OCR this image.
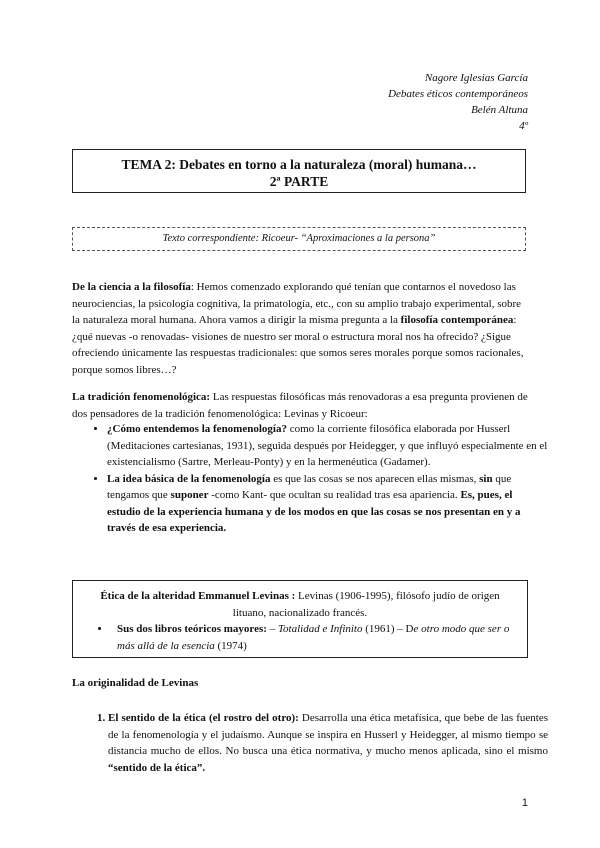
Nagore Iglesias García
Debates éticos contemporáneos
Belén Altuna
4º
TEMA 2: Debates en torno a la naturaleza (moral) humana…
2ª PARTE
Texto correspondiente: Ricoeur- “Aproximaciones a la persona”

De la ciencia a la filosofía: Hemos comenzado explorando qué tenían que contarnos el novedoso las neurociencias, la psicología cognitiva, la primatología, etc., con su amplio trabajo experimental, sobre la naturaleza moral humana. Ahora vamos a dirigir la misma pregunta a la filosofía contemporánea: ¿qué nuevas -o renovadas- visiones de nuestro ser moral o estructura moral nos ha ofrecido? ¿Sigue ofreciendo únicamente las respuestas tradicionales: que somos seres morales porque somos racionales, porque somos libres…?

La tradición fenomenológica: Las respuestas filosóficas más renovadoras a esa pregunta provienen de dos pensadores de la tradición fenomenológica: Levinas y Ricoeur:

• ¿Cómo entendemos la fenomenología? como la corriente filosófica elaborada por Husserl (Meditaciones cartesianas, 1931), seguida después por Heidegger, y que influyó especialmente en el existencialismo (Sartre, Merleau-Ponty) y en la hermenéutica (Gadamer).
• La idea básica de la fenomenología es que las cosas se nos aparecen ellas mismas, sin que tengamos que suponer -como Kant- que ocultan su realidad tras esa apariencia. Es, pues, el estudio de la experiencia humana y de los modos en que las cosas se nos presentan en y a través de esa experiencia.
Ética de la alteridad Emmanuel Levinas : Levinas (1906-1995), filósofo judío de origen lituano, nacionalizado francés.
• Sus dos libros teóricos mayores: – Totalidad e Infinito (1961) – De otro modo que ser o más allá de la esencia (1974)
La originalidad de Levinas
1. El sentido de la ética (el rostro del otro): Desarrolla una ética metafísica, que bebe de las fuentes de la fenomenología y el judaísmo. Aunque se inspira en Husserl y Heidegger, al mismo tiempo se distancia mucho de ellos. No busca una ética normativa, y mucho menos aplicada, sino el mismo “sentido de la ética”.
1
